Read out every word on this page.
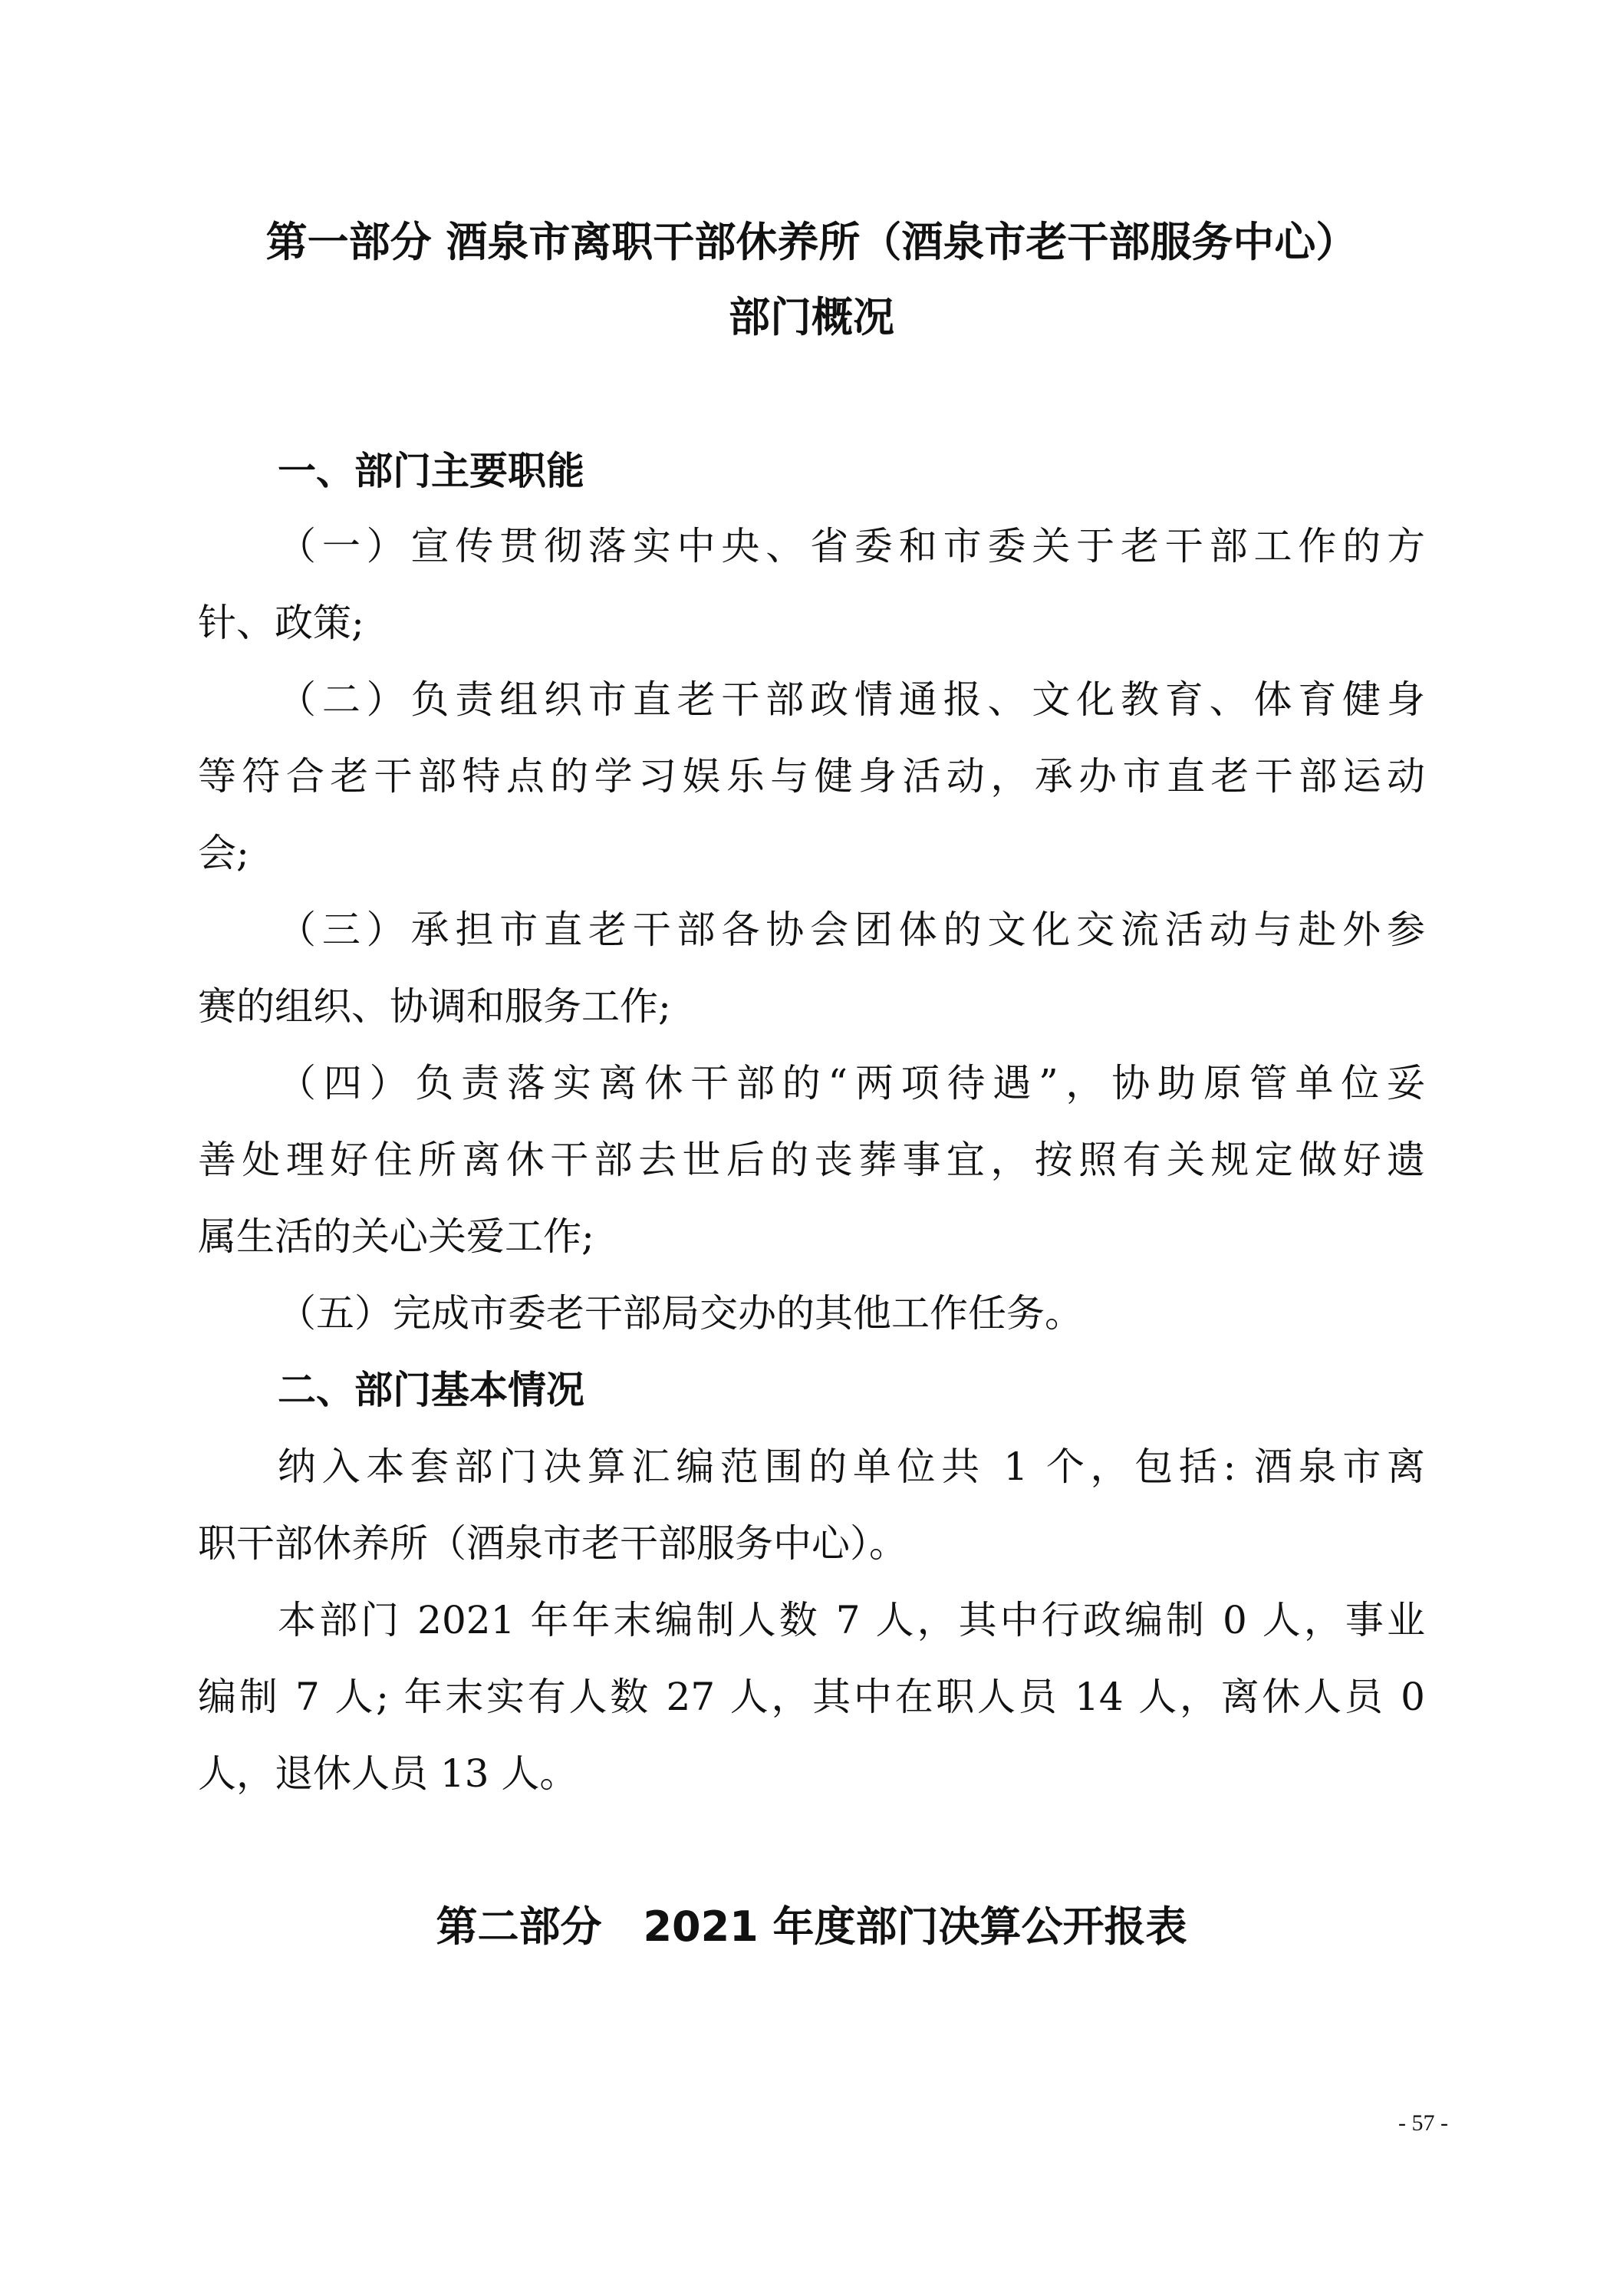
第一部分 酒泉市离职干部休养所（酒泉市老干部服务中心）
部门概况
一、部门主要职能
（一）宣传贯彻落实中央、省委和市委关于老干部工作的方
针、政策;
（二）负责组织市直老干部政情通报、文化教育、体育健身
等符合老干部特点的学习娱乐与健身活动，承办市直老干部运动
会;
（三）承担市直老干部各协会团体的文化交流活动与赴外参
赛的组织、协调和服务工作;
（四）负责落实离休干部的“两项待遇”，协助原管单位妥
善处理好住所离休干部去世后的丧葬事宜，按照有关规定做好遗
属生活的关心关爱工作;
（五）完成市委老干部局交办的其他工作任务。
二、部门基本情况
纳入本套部门决算汇编范围的单位共 1 个，包括: 酒泉市离
职干部休养所（酒泉市老干部服务中心）。
本部门 2021 年年末编制人数 7 人，其中行政编制 0 人，事业
编制 7 人; 年末实有人数 27 人，其中在职人员 14 人，离休人员 0
人，退休人员 13 人。
第二部分　2021 年度部门决算公开报表
- 57 -
